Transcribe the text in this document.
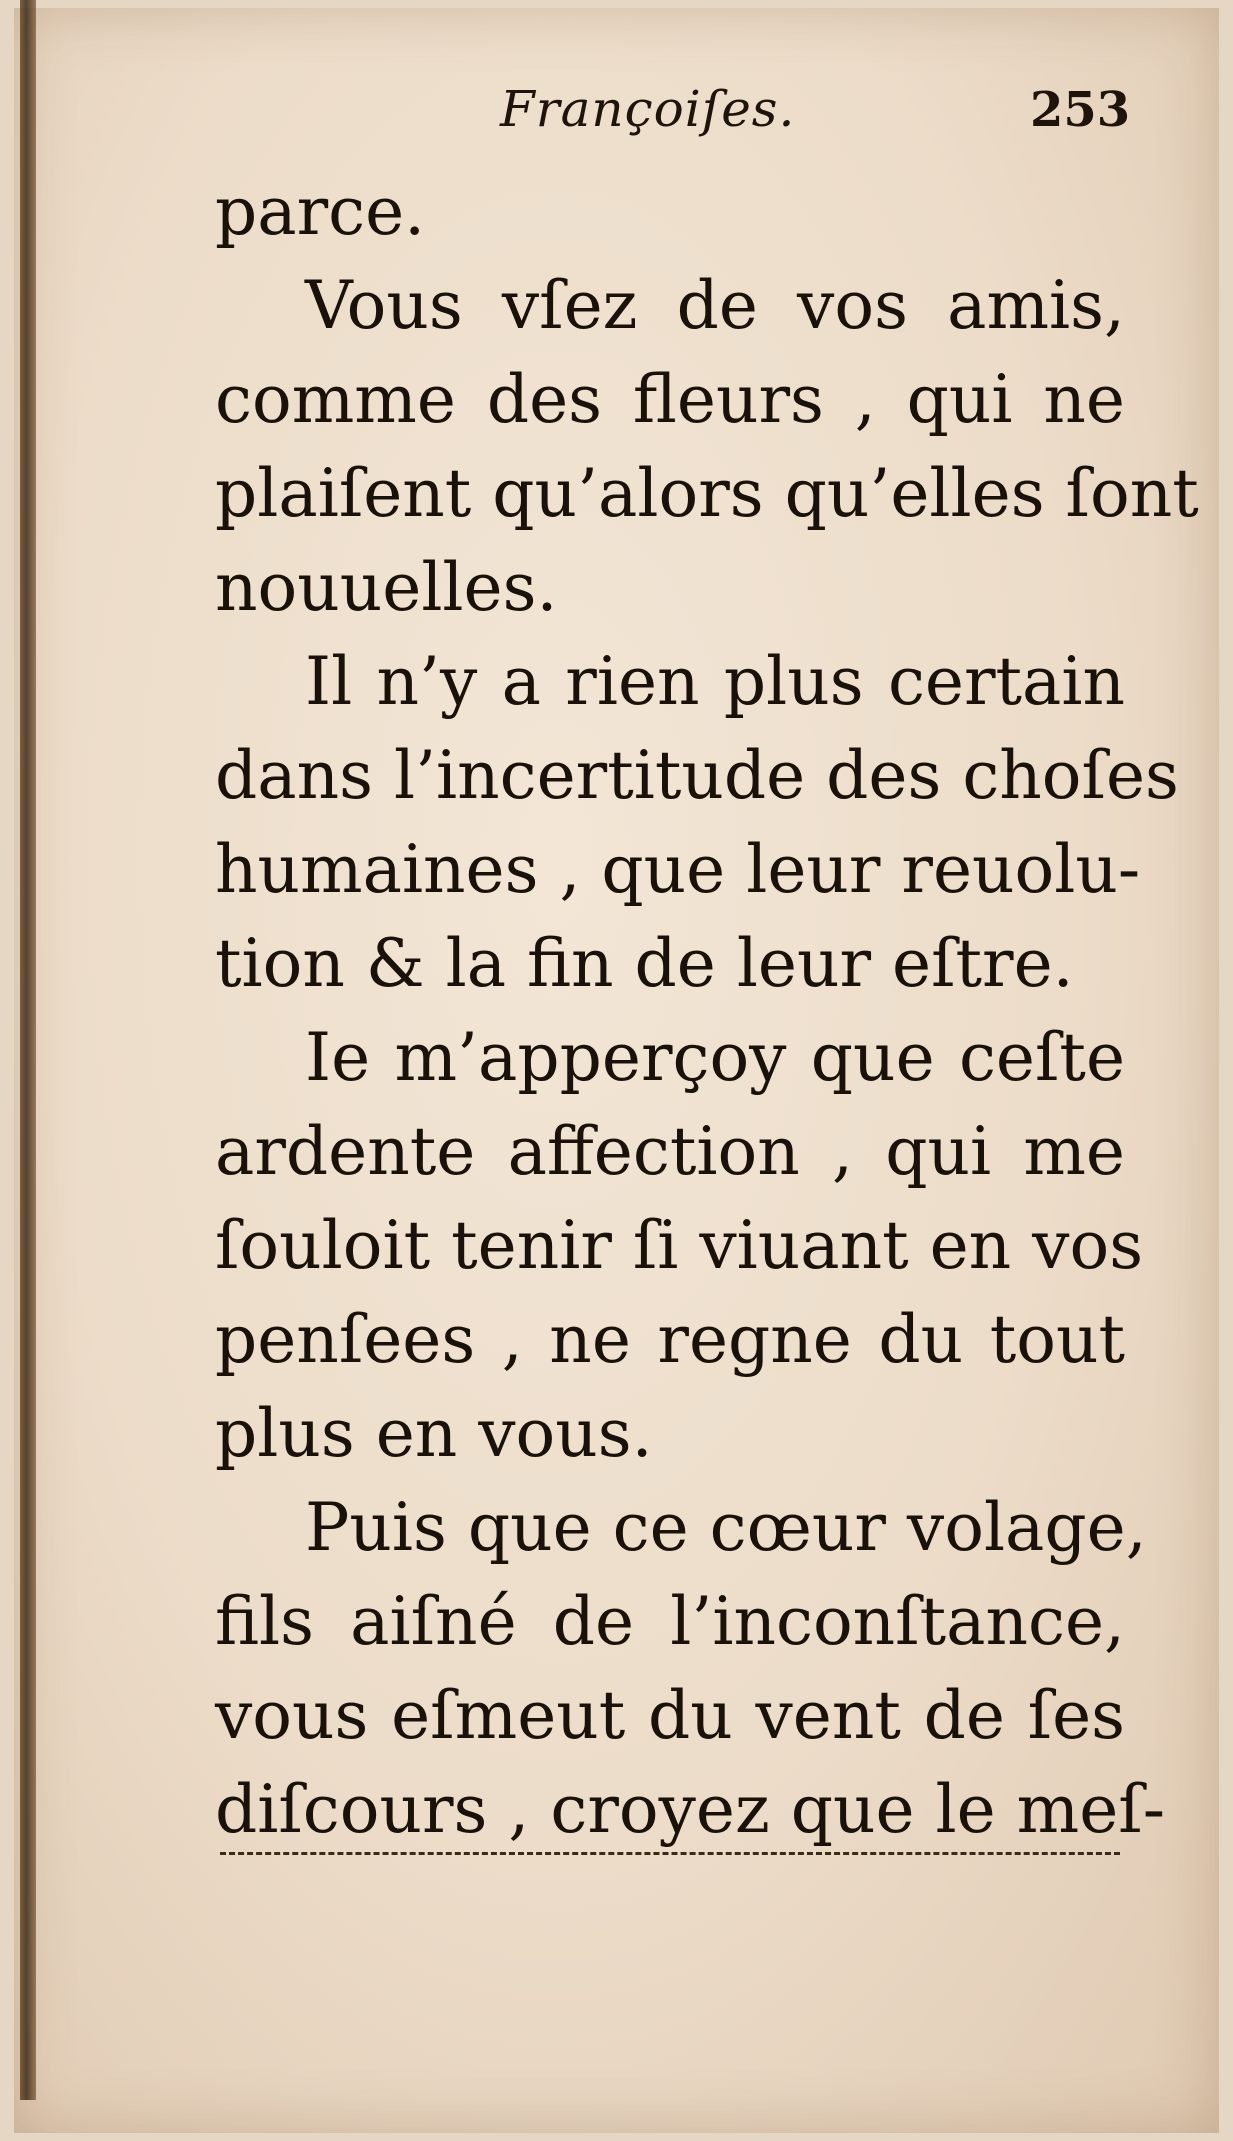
Françoiſes.	253
parce.
Vous vſez de vos amis,
comme des fleurs , qui ne
plaiſent qu’alors qu’elles ſont
nouuelles.
Il n’y a rien plus certain
dans l’incertitude des choſes
humaines , que leur reuolu-
tion & la fin de leur eſtre.
Ie m’apperçoy que ceſte
ardente affection , qui me
ſouloit tenir ſi viuant en vos
penſees , ne regne du tout
plus en vous.
Puis que ce cœur volage,
fils aiſné de l’inconſtance,
vous eſmeut du vent de ſes
diſcours , croyez que le meſ-
